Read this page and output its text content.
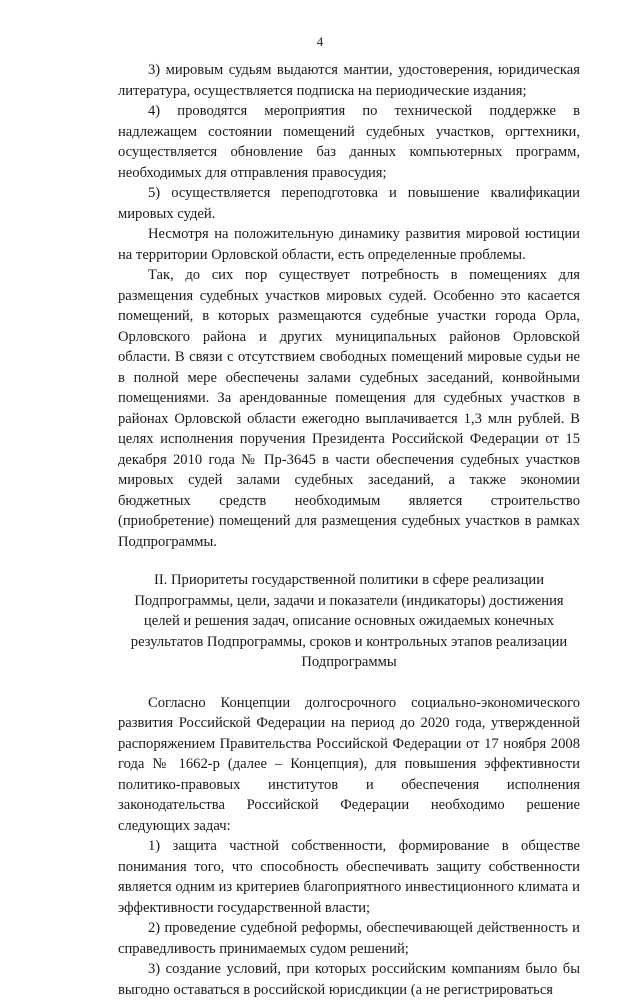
4

3) мировым судьям выдаются мантии, удостоверения, юридическая литература, осуществляется подписка на периодические издания;

4) проводятся мероприятия по технической поддержке в надлежащем состоянии помещений судебных участков, оргтехники, осуществляется обновление баз данных компьютерных программ, необходимых для отправления правосудия;

5) осуществляется переподготовка и повышение квалификации мировых судей.

Несмотря на положительную динамику развития мировой юстиции на территории Орловской области, есть определенные проблемы.

Так, до сих пор существует потребность в помещениях для размещения судебных участков мировых судей. Особенно это касается помещений, в которых размещаются судебные участки города Орла, Орловского района и других муниципальных районов Орловской области. В связи с отсутствием свободных помещений мировые судьи не в полной мере обеспечены залами судебных заседаний, конвойными помещениями. За арендованные помещения для судебных участков в районах Орловской области ежегодно выплачивается 1,3 млн рублей. В целях исполнения поручения Президента Российской Федерации от 15 декабря 2010 года № Пр-3645 в части обеспечения судебных участков мировых судей залами судебных заседаний, а также экономии бюджетных средств необходимым является строительство (приобретение) помещений для размещения судебных участков в рамках Подпрограммы.

II. Приоритеты государственной политики в сфере реализации Подпрограммы, цели, задачи и показатели (индикаторы) достижения целей и решения задач, описание основных ожидаемых конечных результатов Подпрограммы, сроков и контрольных этапов реализации Подпрограммы

Согласно Концепции долгосрочного социально-экономического развития Российской Федерации на период до 2020 года, утвержденной распоряжением Правительства Российской Федерации от 17 ноября 2008 года № 1662-р (далее – Концепция), для повышения эффективности политико-правовых институтов и обеспечения исполнения законодательства Российской Федерации необходимо решение следующих задач:

1) защита частной собственности, формирование в обществе понимания того, что способность обеспечивать защиту собственности является одним из критериев благоприятного инвестиционного климата и эффективности государственной власти;

2) проведение судебной реформы, обеспечивающей действенность и справедливость принимаемых судом решений;

3) создание условий, при которых российским компаниям было бы выгодно оставаться в российской юрисдикции (а не регистрироваться
